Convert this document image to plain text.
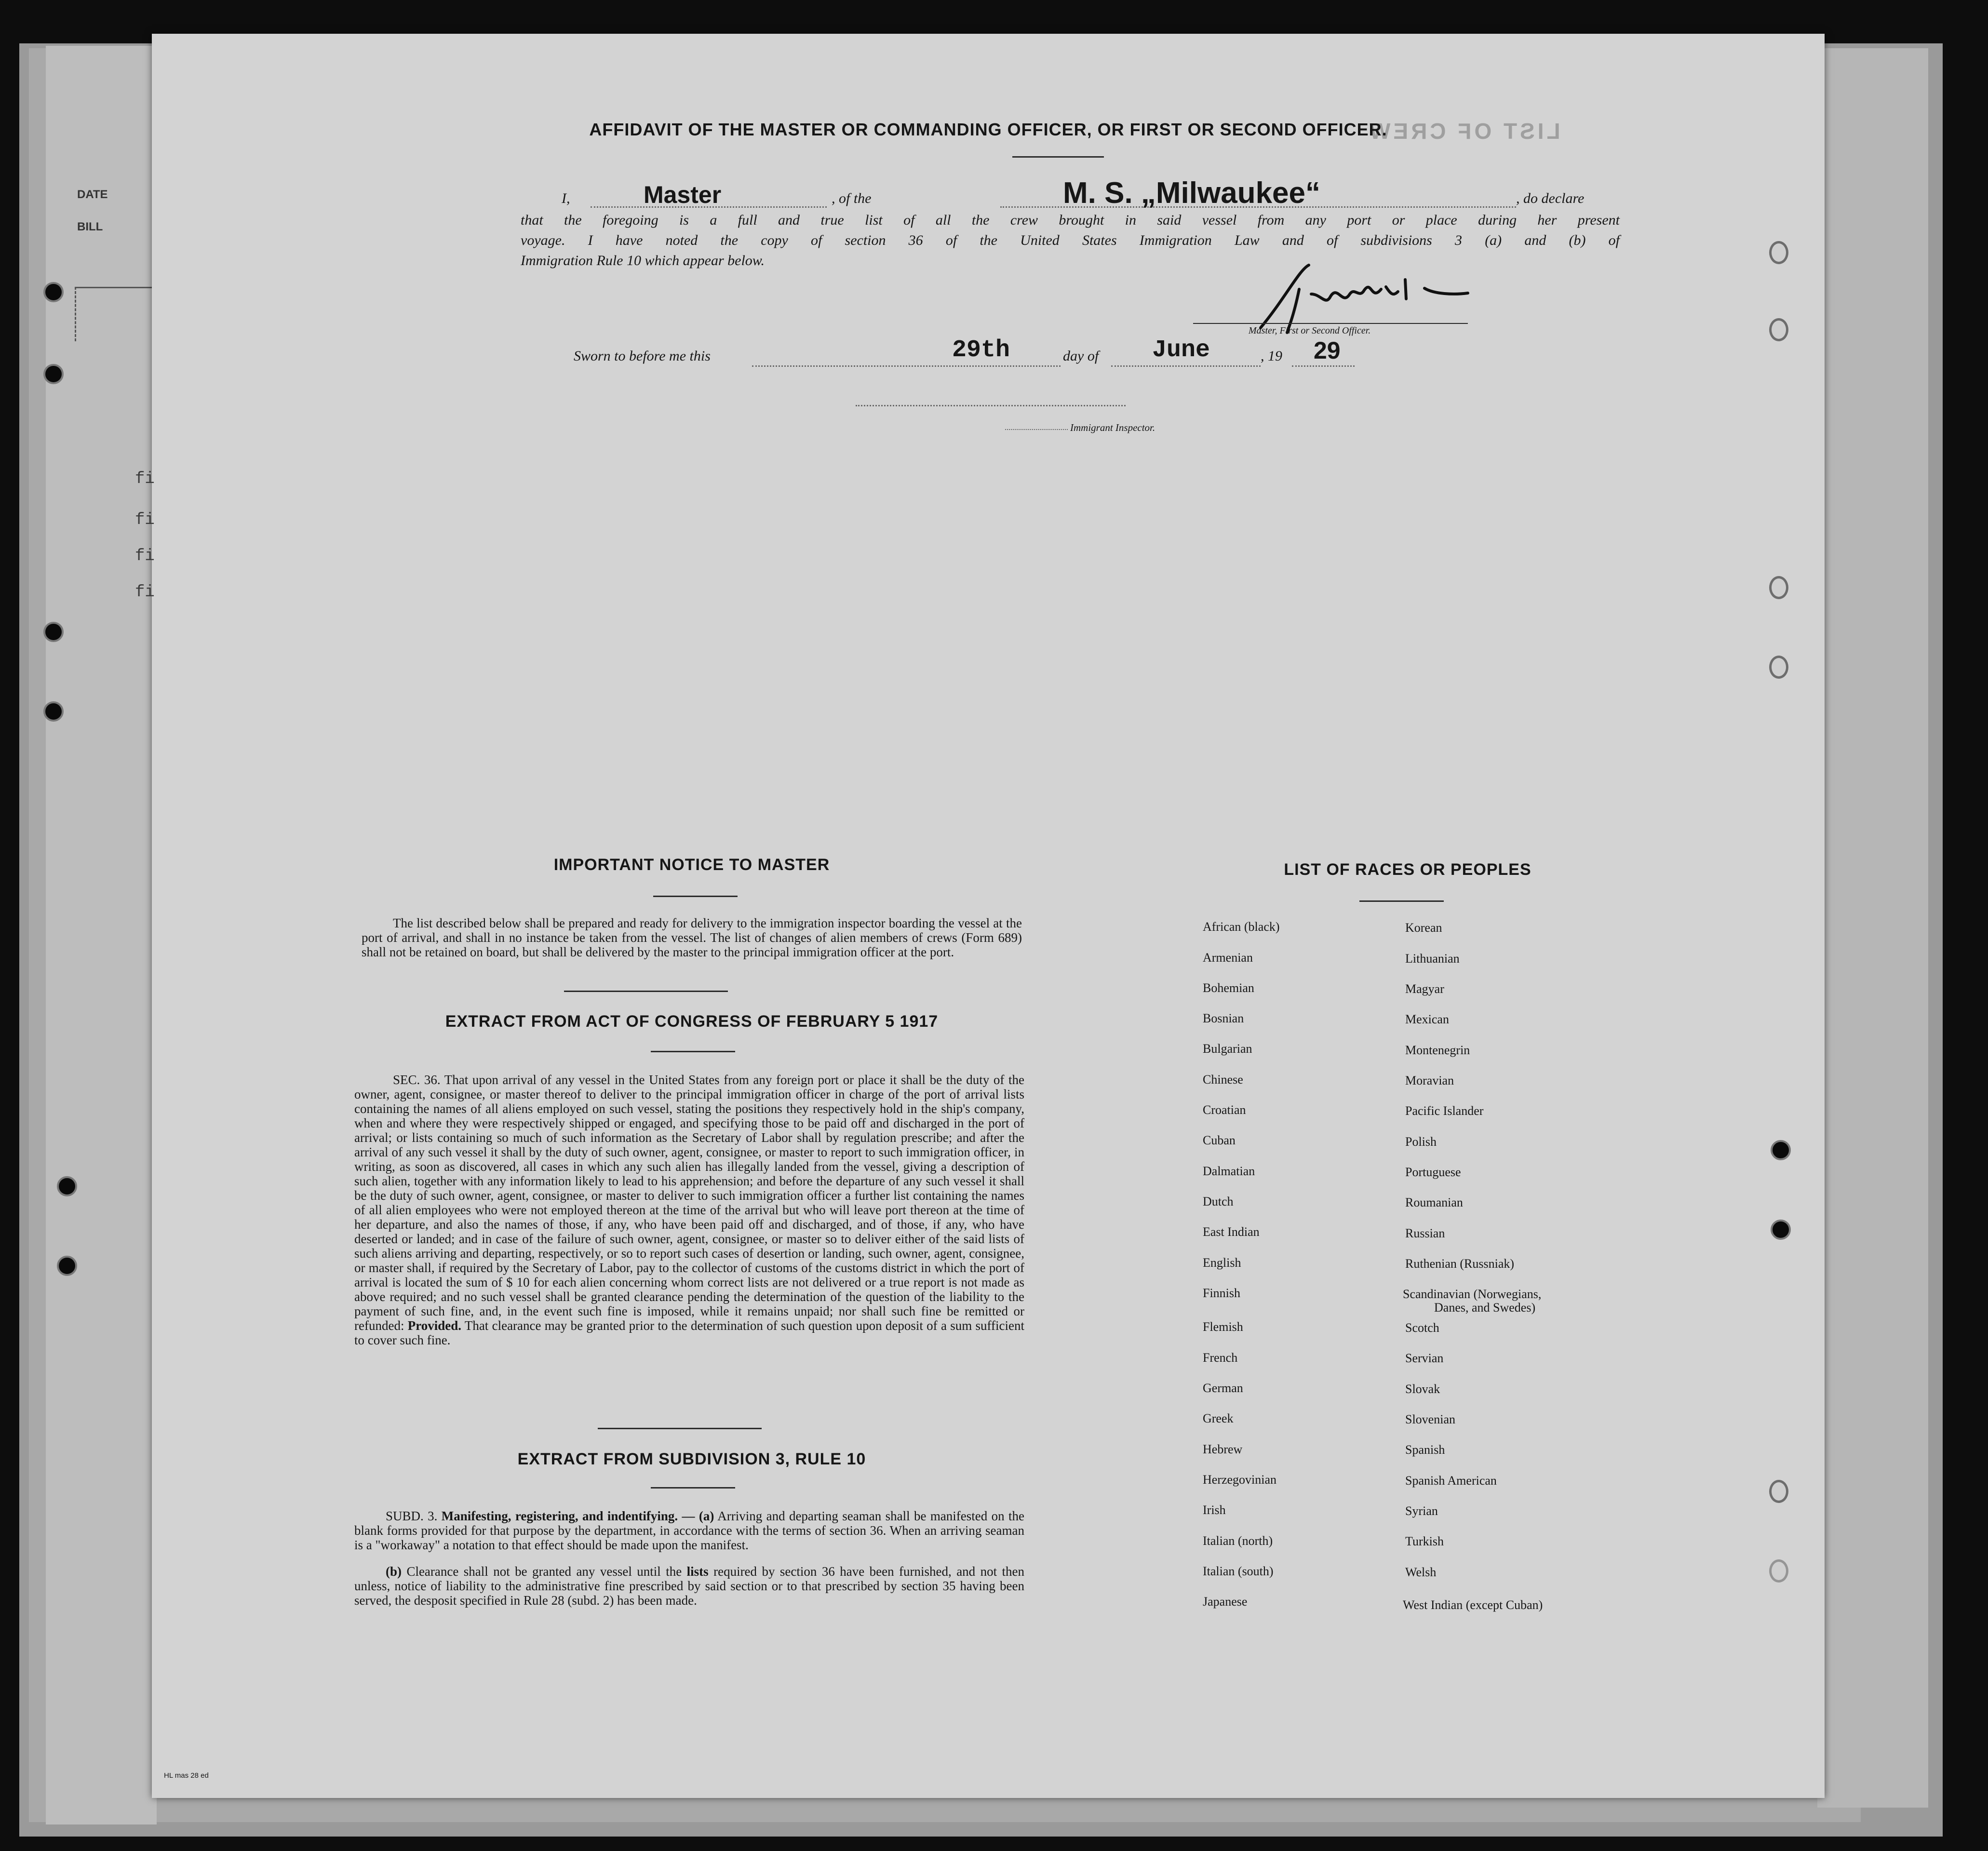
DATE
BILL
LIST OF CREW
fi
fi
fi
fi
AFFIDAVIT OF THE MASTER OR COMMANDING OFFICER, OR FIRST OR SECOND OFFICER.
I,	Master	, of the	M. S. „Milwaukee“	, do declare
that the foregoing is a full and true list of all the crew brought in said vessel from any port or place during her present
voyage. I have noted the copy of section 36 of the United States Immigration Law and of subdivisions 3 (a) and (b) of
Immigration Rule 10 which appear below.
Master, First or Second Officer.
Sworn to before me this	29th	day of June	, 19 29
Immigrant Inspector.
IMPORTANT NOTICE TO MASTER
The list described below shall be prepared and ready for delivery to the immigration inspector boarding the vessel at the port of arrival, and shall in no instance be taken from the vessel. The list of changes of alien members of crews (Form 689) shall not be retained on board, but shall be delivered by the master to the principal immigration officer at the port.
EXTRACT FROM ACT OF CONGRESS OF FEBRUARY 5 1917
SEC. 36. That upon arrival of any vessel in the United States from any foreign port or place it shall be the duty of the owner, agent, consignee, or master thereof to deliver to the principal immigration officer in charge of the port of arrival lists containing the names of all aliens employed on such vessel, stating the positions they respectively hold in the ship's company, when and where they were respectively shipped or engaged, and specifying those to be paid off and discharged in the port of arrival; or lists containing so much of such information as the Secretary of Labor shall by regulation prescribe; and after the arrival of any such vessel it shall by the duty of such owner, agent, consignee, or master to report to such immigration officer, in writing, as soon as discovered, all cases in which any such alien has illegally landed from the vessel, giving a description of such alien, together with any information likely to lead to his apprehension; and before the departure of any such vessel it shall be the duty of such owner, agent, consignee, or master to deliver to such immigration officer a further list containing the names of all alien employees who were not employed thereon at the time of the arrival but who will leave port thereon at the time of her departure, and also the names of those, if any, who have been paid off and discharged, and of those, if any, who have deserted or landed; and in case of the failure of such owner, agent, consignee, or master so to deliver either of the said lists of such aliens arriving and departing, respectively, or so to report such cases of desertion or landing, such owner, agent, consignee, or master shall, if required by the Secretary of Labor, pay to the collector of customs of the customs district in which the port of arrival is located the sum of $ 10 for each alien concerning whom correct lists are not delivered or a true report is not made as above required; and no such vessel shall be granted clearance pending the determination of the question of the liability to the payment of such fine, and, in the event such fine is imposed, while it remains unpaid; nor shall such fine be remitted or refunded: Provided. That clearance may be granted prior to the determination of such question upon deposit of a sum sufficient to cover such fine.
EXTRACT FROM SUBDIVISION 3, RULE 10
SUBD. 3. Manifesting, registering, and indentifying. — (a) Arriving and departing seaman shall be manifested on the blank forms provided for that purpose by the department, in accordance with the terms of section 36. When an arriving seaman is a "workaway" a notation to that effect should be made upon the manifest.
(b) Clearance shall not be granted any vessel until the lists required by section 36 have been furnished, and not then unless, notice of liability to the administrative fine prescribed by said section or to that prescribed by section 35 having been served, the desposit specified in Rule 28 (subd. 2) has been made.
LIST OF RACES OR PEOPLES
African (black)
Armenian
Bohemian
Bosnian
Bulgarian
Chinese
Croatian
Cuban
Dalmatian
Dutch
East Indian
English
Finnish
Flemish
French
German
Greek
Hebrew
Herzegovinian
Irish
Italian (north)
Italian (south)
Japanese
Korean
Lithuanian
Magyar
Mexican
Montenegrin
Moravian
Pacific Islander
Polish
Portuguese
Roumanian
Russian
Ruthenian (Russniak)
Scandinavian (Norwegians,
Danes, and Swedes)
Scotch
Servian
Slovak
Slovenian
Spanish
Spanish American
Syrian
Turkish
Welsh
West Indian (except Cuban)
HL mas 28 ed
